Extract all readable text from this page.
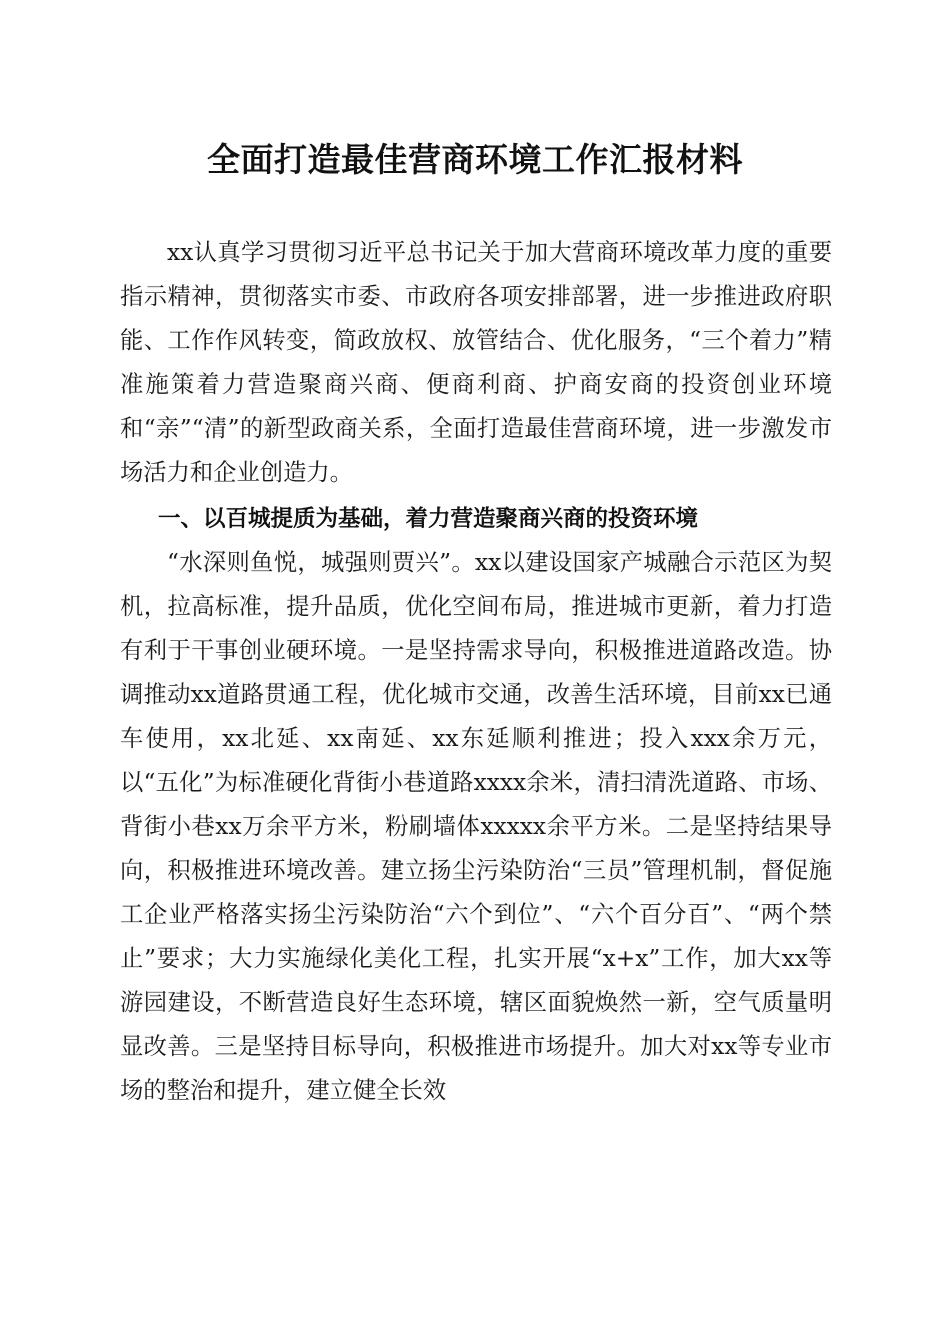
全面打造最佳营商环境工作汇报材料

xx认真学习贯彻习近平总书记关于加大营商环境改革力度的重要指示精神，贯彻落实市委、市政府各项安排部署，进一步推进政府职能、工作作风转变，简政放权、放管结合、优化服务，“三个着力”精准施策着力营造聚商兴商、便商利商、护商安商的投资创业环境和“亲”“清”的新型政商关系，全面打造最佳营商环境，进一步激发市场活力和企业创造力。

一、以百城提质为基础，着力营造聚商兴商的投资环境

“水深则鱼悦，城强则贾兴”。xx以建设国家产城融合示范区为契机，拉高标准，提升品质，优化空间布局，推进城市更新，着力打造有利于干事创业硬环境。一是坚持需求导向，积极推进道路改造。协调推动xx道路贯通工程，优化城市交通，改善生活环境，目前xx已通车使用，xx北延、xx南延、xx东延顺利推进；投入xxx余万元，以“五化”为标准硬化背街小巷道路xxxx余米，清扫清洗道路、市场、背街小巷xx万余平方米，粉刷墙体xxxxx余平方米。二是坚持结果导向，积极推进环境改善。建立扬尘污染防治“三员”管理机制，督促施工企业严格落实扬尘污染防治“六个到位”、“六个百分百”、“两个禁止”要求；大力实施绿化美化工程，扎实开展“x+x”工作，加大xx等游园建设，不断营造良好生态环境，辖区面貌焕然一新，空气质量明显改善。三是坚持目标导向，积极推进市场提升。加大对xx等专业市场的整治和提升，建立健全长效
